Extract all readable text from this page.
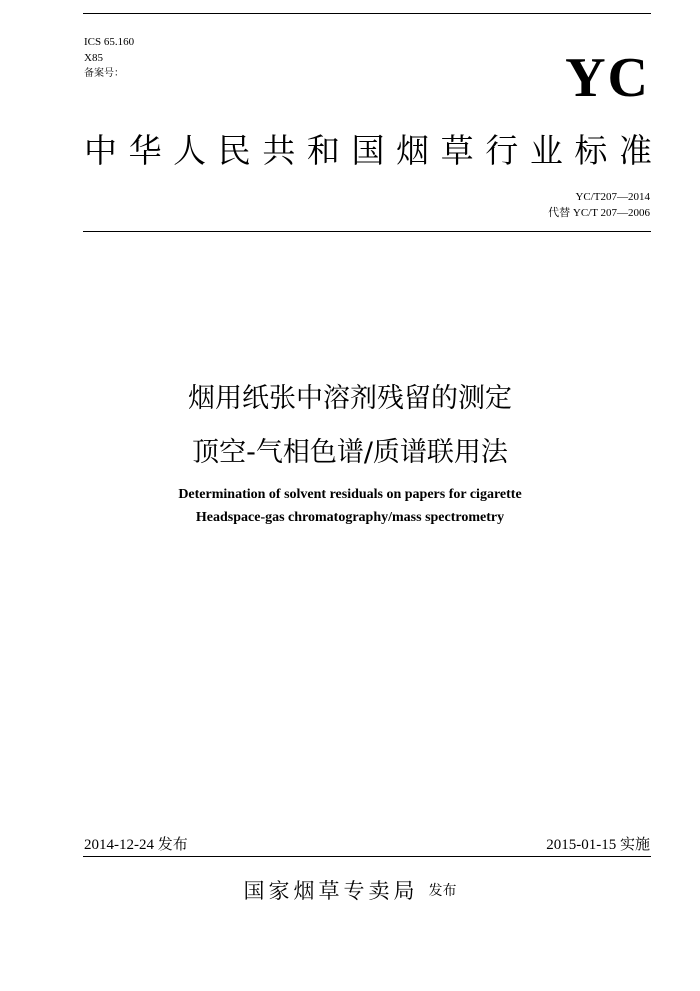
ICS 65.160
X85
备案号：	YC
中 华 人 民 共 和 国 烟 草 行 业 标 准
YC/T207—2014
代替 YC/T 207—2006
烟用纸张中溶剂残留的测定
顶空-气相色谱/质谱联用法
Determination of solvent residuals on papers for cigarette
Headspace-gas chromatography/mass spectrometry
2014-12-24 发布	2015-01-15 实施
国家烟草专卖局 发布
